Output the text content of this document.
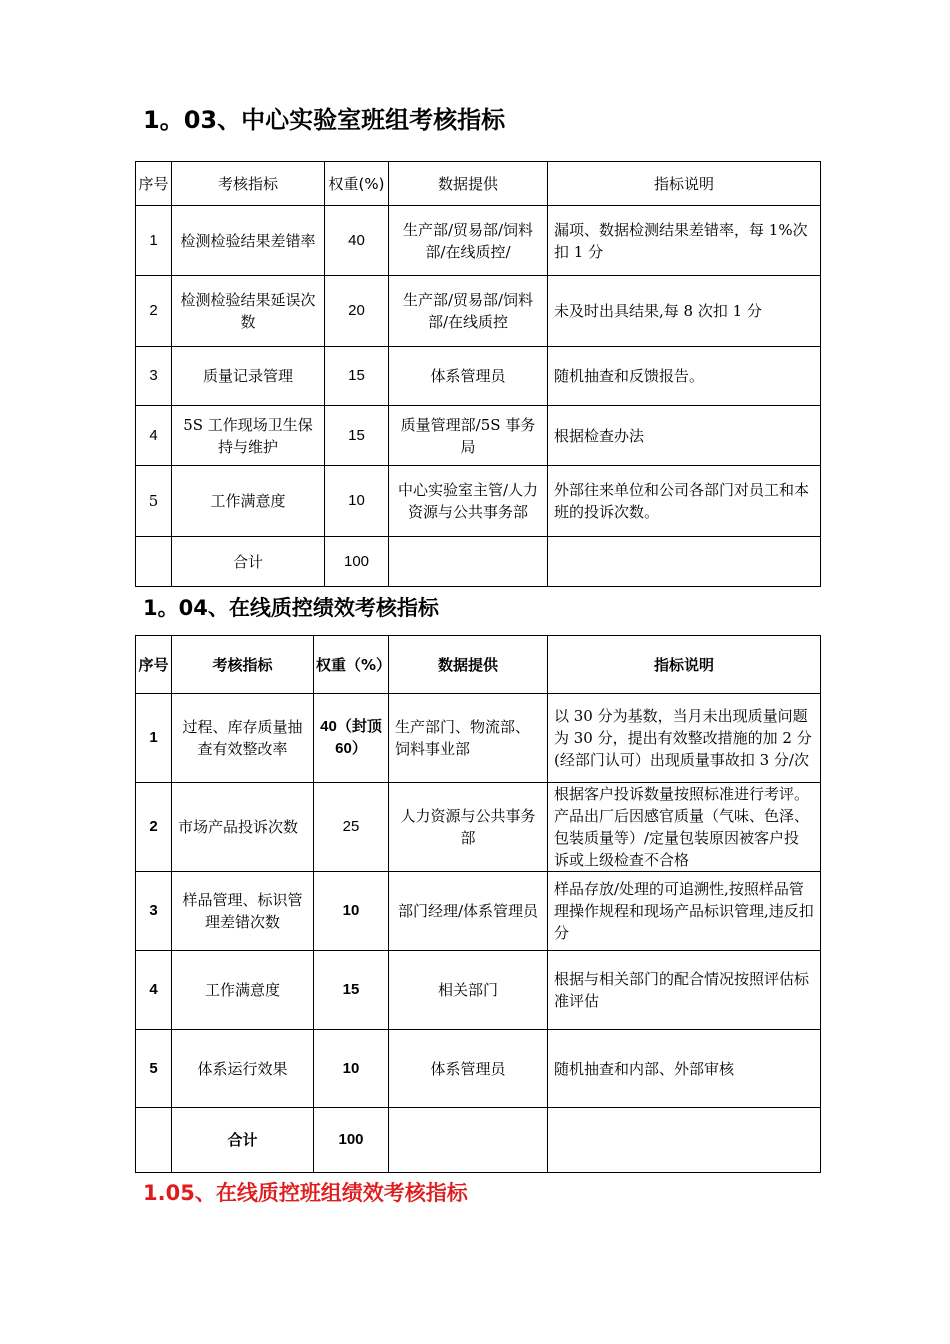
1。03、中心实验室班组考核指标
序号	考核指标	权重(%)	数据提供	指标说明
1	检测检验结果差错率	40	生产部/贸易部/饲料部/在线质控/	漏项、数据检测结果差错率，每 1%次扣 1 分
2	检测检验结果延误次数	20	生产部/贸易部/饲料部/在线质控	未及时出具结果,每 8 次扣 1 分
3	质量记录管理	15	体系管理员	随机抽查和反馈报告。
4	5S 工作现场卫生保持与维护	15	质量管理部/5S 事务局	根据检查办法
5	工作满意度	10	中心实验室主管/人力资源与公共事务部	外部往来单位和公司各部门对员工和本班的投诉次数。
	合计	100		
1。04、在线质控绩效考核指标
序号	考核指标	权重（%）	数据提供	指标说明
1	过程、库存质量抽查有效整改率	40（封顶 60）	生产部门、物流部、饲料事业部	以 30 分为基数，当月未出现质量问题为 30 分，提出有效整改措施的加 2 分(经部门认可）出现质量事故扣 3 分/次
2	市场产品投诉次数	25	人力资源与公共事务部	根据客户投诉数量按照标准进行考评。产品出厂后因感官质量（气味、色泽、包装质量等）/定量包装原因被客户投诉或上级检查不合格
3	样品管理、标识管理差错次数	10	部门经理/体系管理员	样品存放/处理的可追溯性,按照样品管理操作规程和现场产品标识管理,违反扣分
4	工作满意度	15	相关部门	根据与相关部门的配合情况按照评估标准评估
5	体系运行效果	10	体系管理员	随机抽查和内部、外部审核
	合计	100		
1.05、在线质控班组绩效考核指标
